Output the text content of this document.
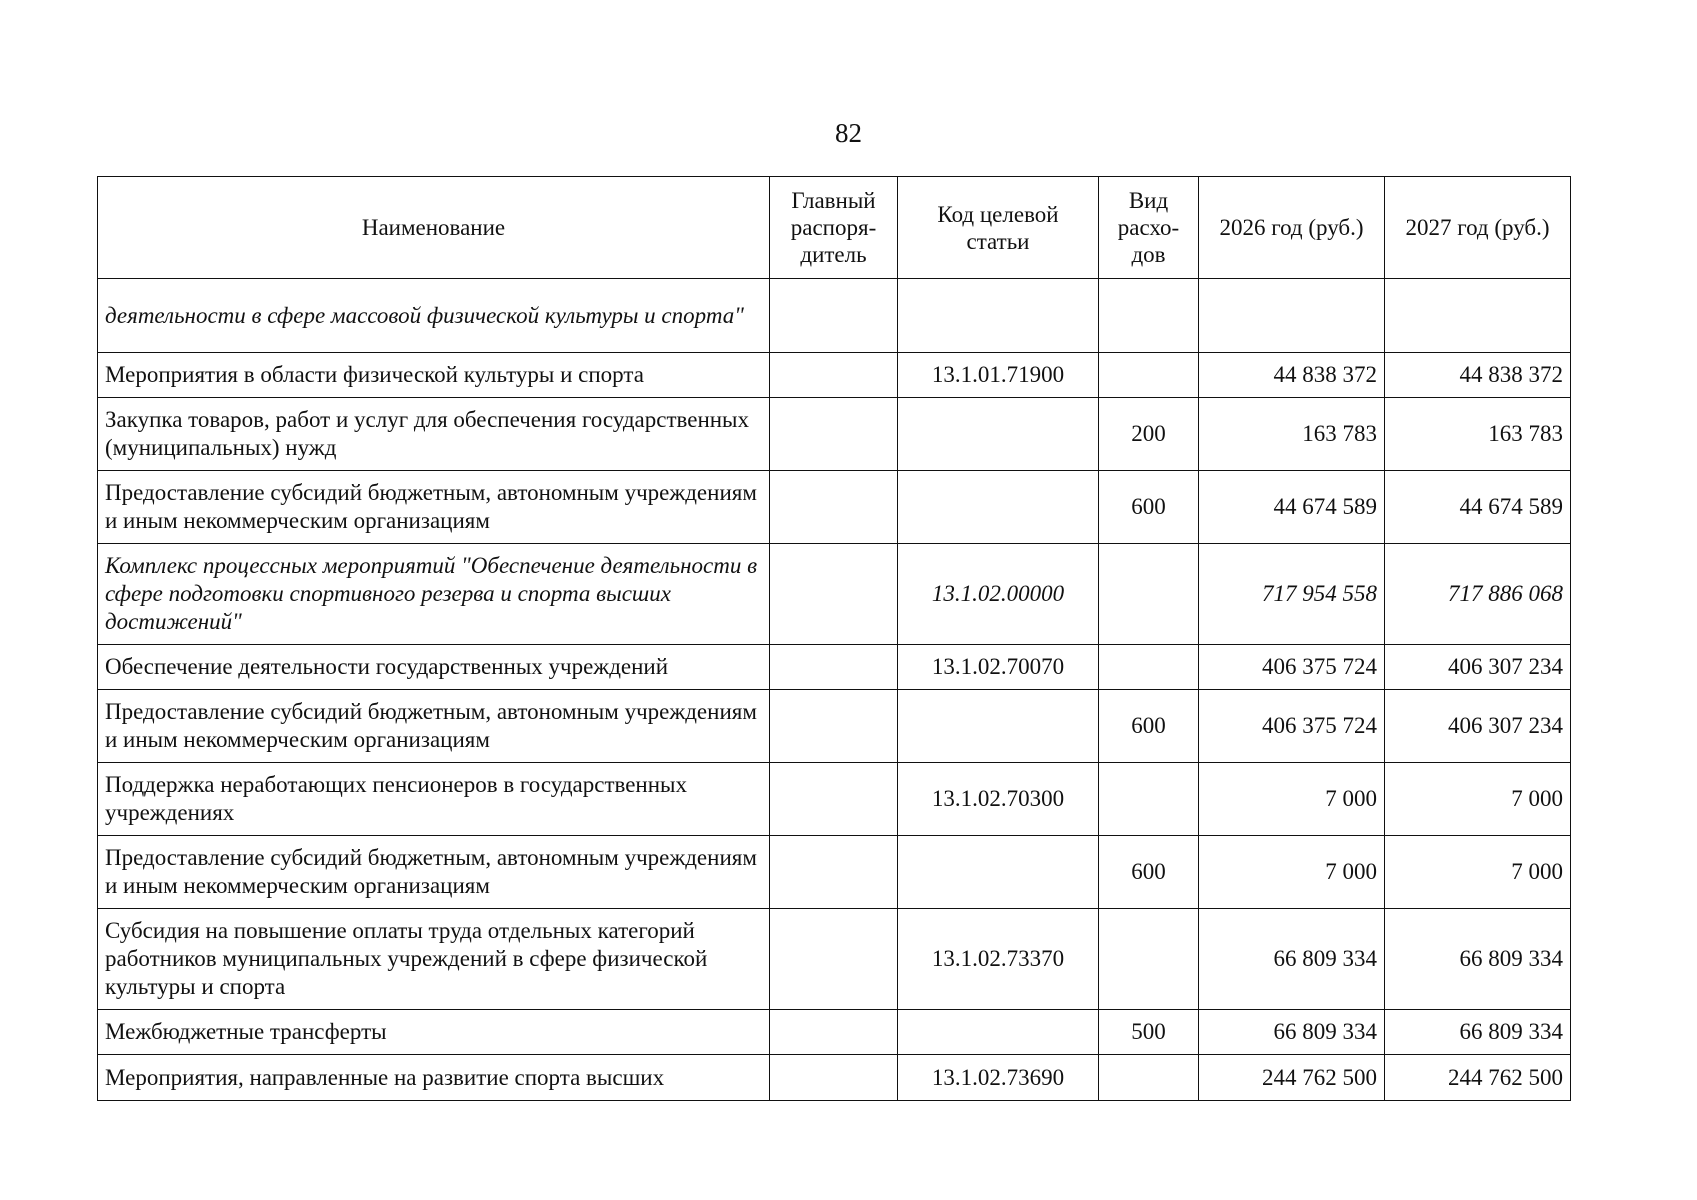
82
Наименование	Главный распоря-дитель	Код целевой статьи	Вид расхо-дов	2026 год (руб.)	2027 год (руб.)
деятельности в сфере массовой физической культуры и спорта"					
Мероприятия в области физической культуры и спорта		13.1.01.71900		44 838 372	44 838 372
Закупка товаров, работ и услуг для обеспечения государственных (муниципальных) нужд			200	163 783	163 783
Предоставление субсидий бюджетным, автономным учреждениям и иным некоммерческим организациям			600	44 674 589	44 674 589
Комплекс процессных мероприятий "Обеспечение деятельности в сфере подготовки спортивного резерва и спорта высших достижений"		13.1.02.00000		717 954 558	717 886 068
Обеспечение деятельности государственных учреждений		13.1.02.70070		406 375 724	406 307 234
Предоставление субсидий бюджетным, автономным учреждениям и иным некоммерческим организациям			600	406 375 724	406 307 234
Поддержка неработающих пенсионеров в государственных учреждениях		13.1.02.70300		7 000	7 000
Предоставление субсидий бюджетным, автономным учреждениям и иным некоммерческим организациям			600	7 000	7 000
Субсидия на повышение оплаты труда отдельных категорий работников муниципальных учреждений в сфере физической культуры и спорта		13.1.02.73370		66 809 334	66 809 334
Межбюджетные трансферты			500	66 809 334	66 809 334
Мероприятия, направленные на развитие спорта высших		13.1.02.73690		244 762 500	244 762 500
